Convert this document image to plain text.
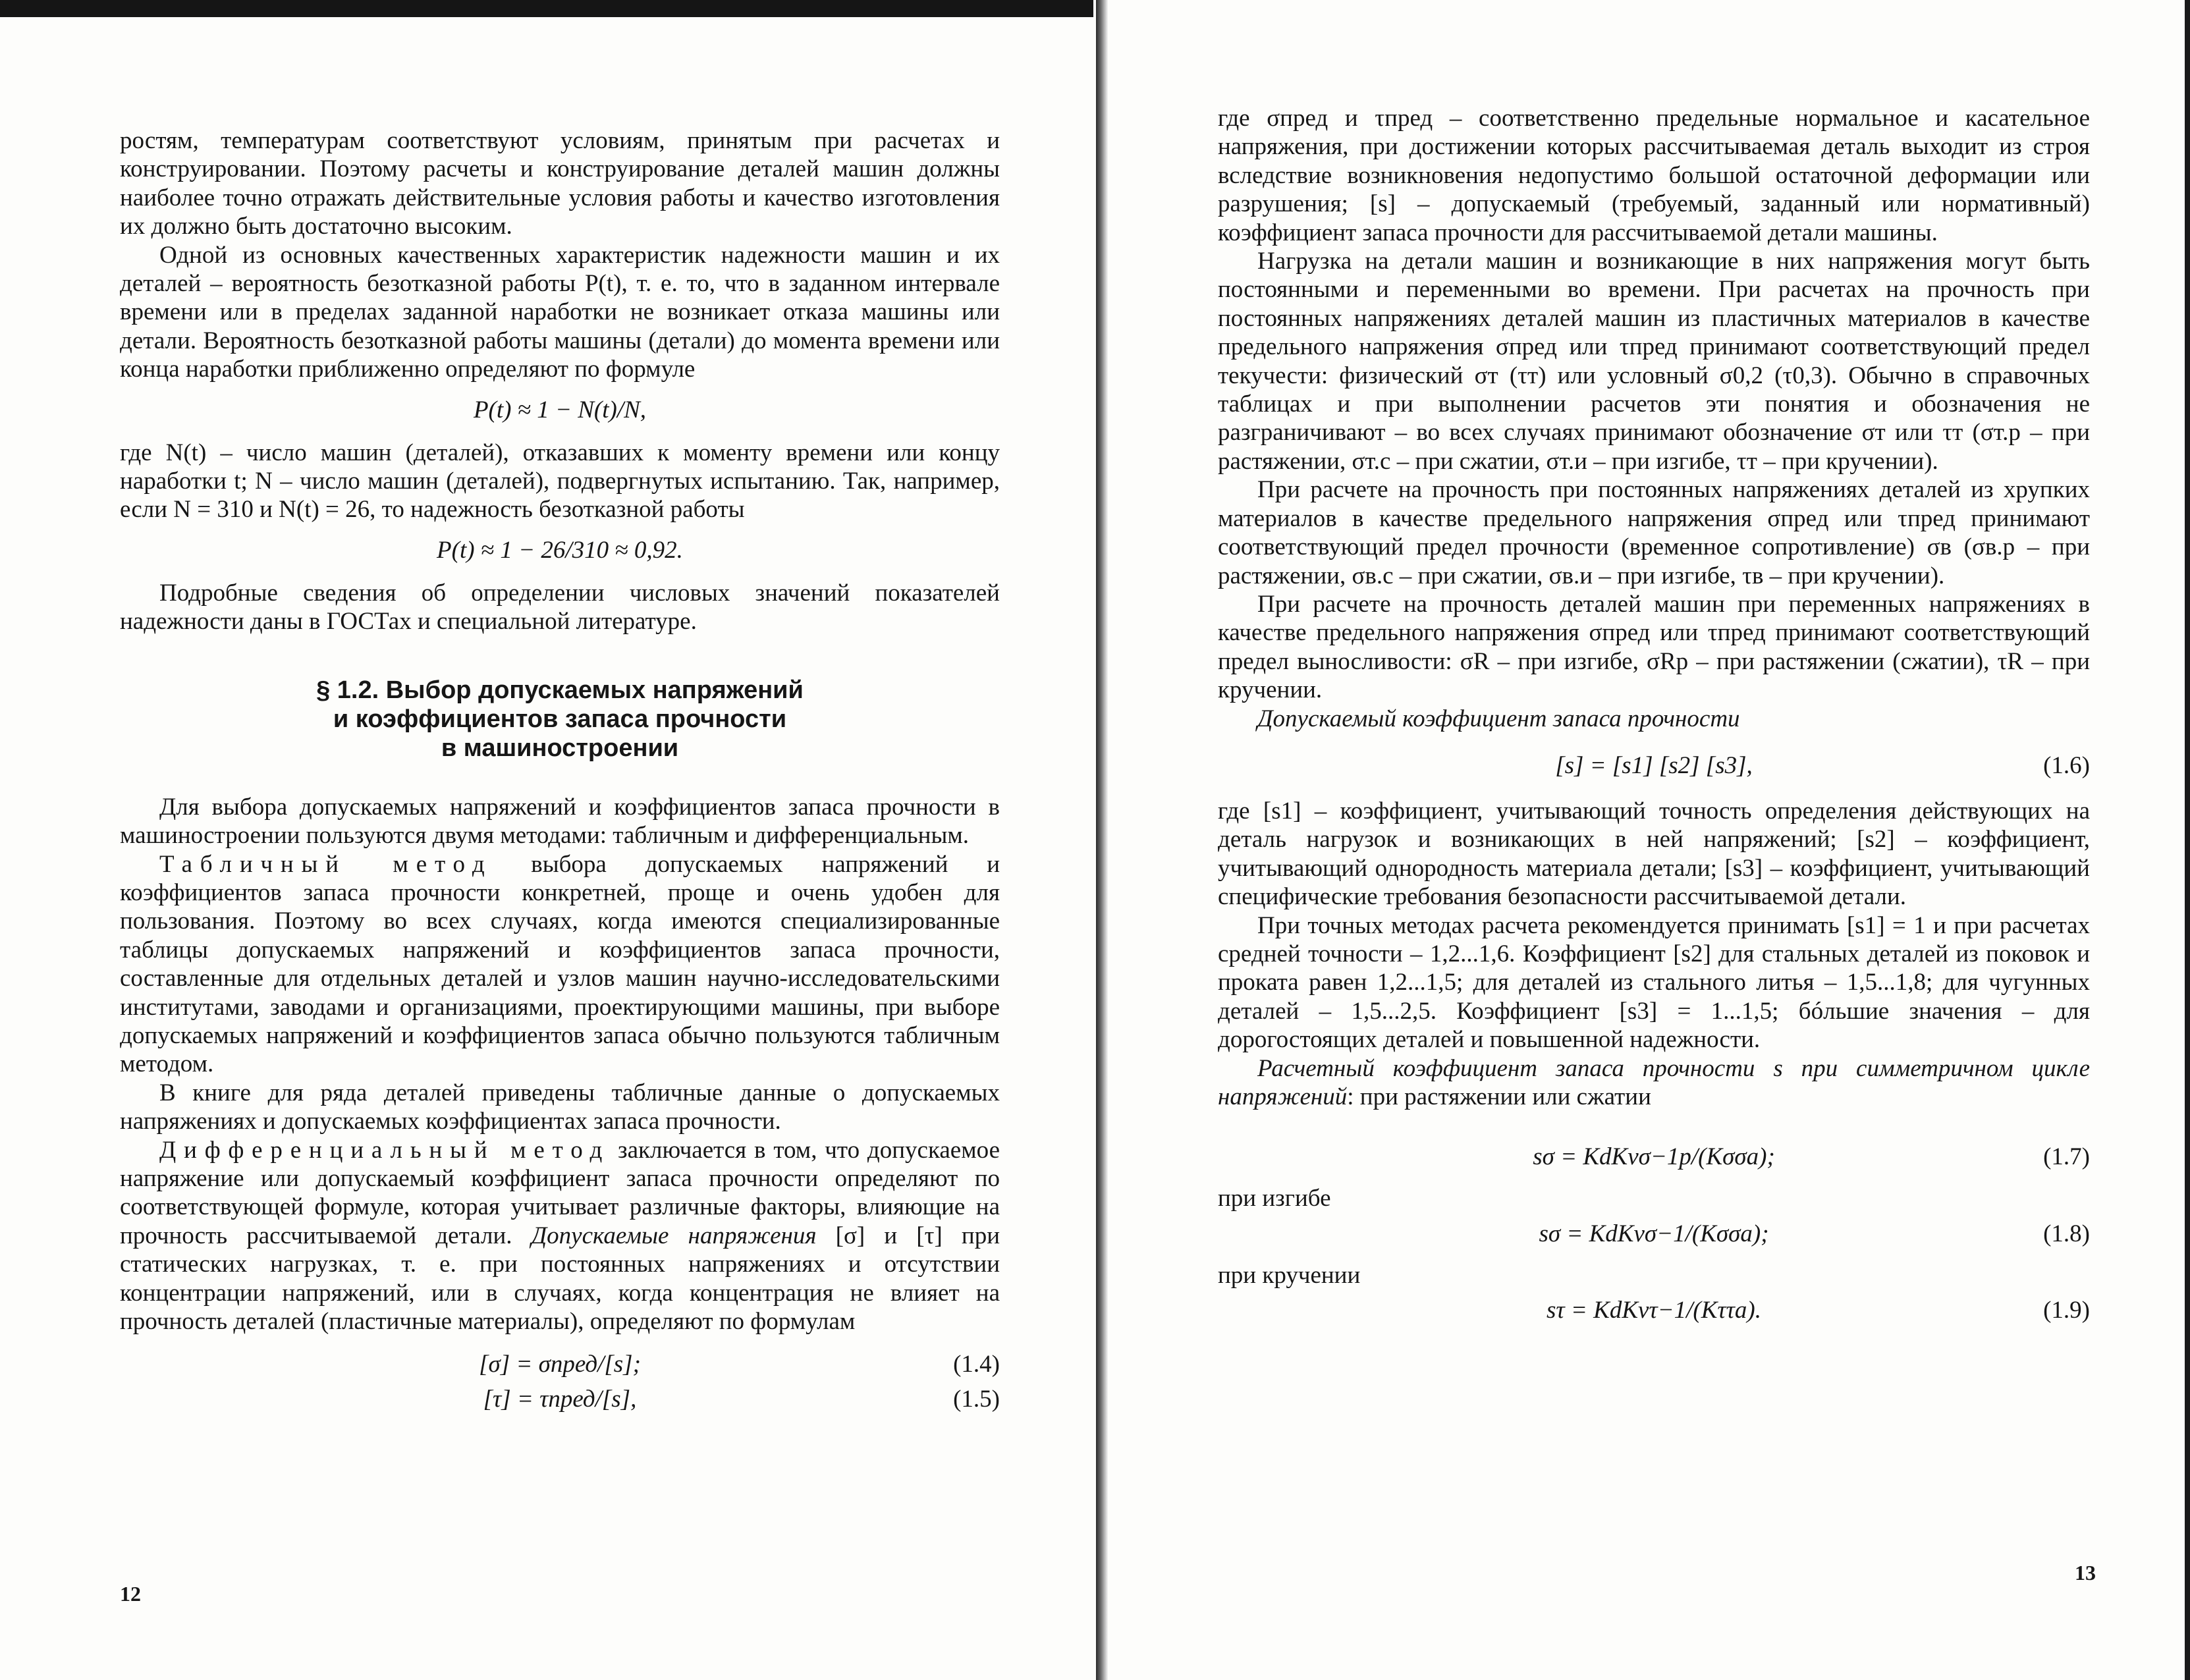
ростям, температурам соответствуют условиям, принятым при расчетах и конструировании. Поэтому расчеты и конструирование деталей машин должны наиболее точно отражать действительные условия работы и качество изготовления их должно быть достаточно высоким.

Одной из основных качественных характеристик надежности машин и их деталей – вероятность безотказной работы P(t), т. е. то, что в заданном интервале времени или в пределах заданной наработки не возникает отказа машины или детали. Вероятность безотказной работы машины (детали) до момента времени или конца наработки приближенно определяют по формуле

P(t) ≈ 1 − N(t)/N,

где N(t) – число машин (деталей), отказавших к моменту времени или концу наработки t; N – число машин (деталей), подвергнутых испытанию. Так, например, если N = 310 и N(t) = 26, то надежность безотказной работы

P(t) ≈ 1 − 26/310 ≈ 0,92.

Подробные сведения об определении числовых значений показателей надежности даны в ГОСТах и специальной литературе.

§ 1.2. Выбор допускаемых напряжений
и коэффициентов запаса прочности
в машиностроении

Для выбора допускаемых напряжений и коэффициентов запаса прочности в машиностроении пользуются двумя методами: табличным и дифференциальным.

Табличный метод выбора допускаемых напряжений и коэффициентов запаса прочности конкретней, проще и очень удобен для пользования. Поэтому во всех случаях, когда имеются специализированные таблицы допускаемых напряжений и коэффициентов запаса прочности, составленные для отдельных деталей и узлов машин научно-исследовательскими институтами, заводами и организациями, проектирующими машины, при выборе допускаемых напряжений и коэффициентов запаса обычно пользуются табличным методом.

В книге для ряда деталей приведены табличные данные о допускаемых напряжениях и допускаемых коэффициентах запаса прочности.

Дифференциальный метод заключается в том, что допускаемое напряжение или допускаемый коэффициент запаса прочности определяют по соответствующей формуле, которая учитывает различные факторы, влияющие на прочность рассчитываемой детали. Допускаемые напряжения [σ] и [τ] при статических нагрузках, т. е. при постоянных напряжениях и отсутствии концентрации напряжений, или в случаях, когда концентрация не влияет на прочность деталей (пластичные материалы), определяют по формулам

[σ] = σпред/[s];	(1.4)
[τ] = τпред/[s],	(1.5)
12

где σпред и τпред – соответственно предельные нормальное и касательное напряжения, при достижении которых рассчитываемая деталь выходит из строя вследствие возникновения недопустимо большой остаточной деформации или разрушения; [s] – допускаемый (требуемый, заданный или нормативный) коэффициент запаса прочности для рассчитываемой детали машины.

Нагрузка на детали машин и возникающие в них напряжения могут быть постоянными и переменными во времени. При расчетах на прочность при постоянных напряжениях деталей машин из пластичных материалов в качестве предельного напряжения σпред или τпред принимают соответствующий предел текучести: физический σт (τт) или условный σ0,2 (τ0,3). Обычно в справочных таблицах и при выполнении расчетов эти понятия и обозначения не разграничивают – во всех случаях принимают обозначение σт или τт (σт.р – при растяжении, σт.с – при сжатии, σт.и – при изгибе, τт – при кручении).

При расчете на прочность при постоянных напряжениях деталей из хрупких материалов в качестве предельного напряжения σпред или τпред принимают соответствующий предел прочности (временное сопротивление) σв (σв.р – при растяжении, σв.с – при сжатии, σв.и – при изгибе, τв – при кручении).

При расчете на прочность деталей машин при переменных напряжениях в качестве предельного напряжения σпред или τпред принимают соответствующий предел выносливости: σR – при изгибе, σRp – при растяжении (сжатии), τR – при кручении.

Допускаемый коэффициент запаса прочности

[s] = [s1] [s2] [s3],	(1.6)

где [s1] – коэффициент, учитывающий точность определения действующих на деталь нагрузок и возникающих в ней напряжений; [s2] – коэффициент, учитывающий однородность материала детали; [s3] – коэффициент, учитывающий специфические требования безопасности рассчитываемой детали.

При точных методах расчета рекомендуется принимать [s1] = 1 и при расчетах средней точности – 1,2...1,6. Коэффициент [s2] для стальных деталей из поковок и проката равен 1,2...1,5; для деталей из стального литья – 1,5...1,8; для чугунных деталей – 1,5...2,5. Коэффициент [s3] = 1...1,5; бóльшие значения – для дорогостоящих деталей и повышенной надежности.

Расчетный коэффициент запаса прочности s при симметричном цикле напряжений: при растяжении или сжатии

sσ = KdKvσ−1p/(Kσσa);	(1.7)

при изгибе

sσ = KdKvσ−1/(Kσσa);	(1.8)

при кручении

sτ = KdKvτ−1/(Kττa).	(1.9)
13
